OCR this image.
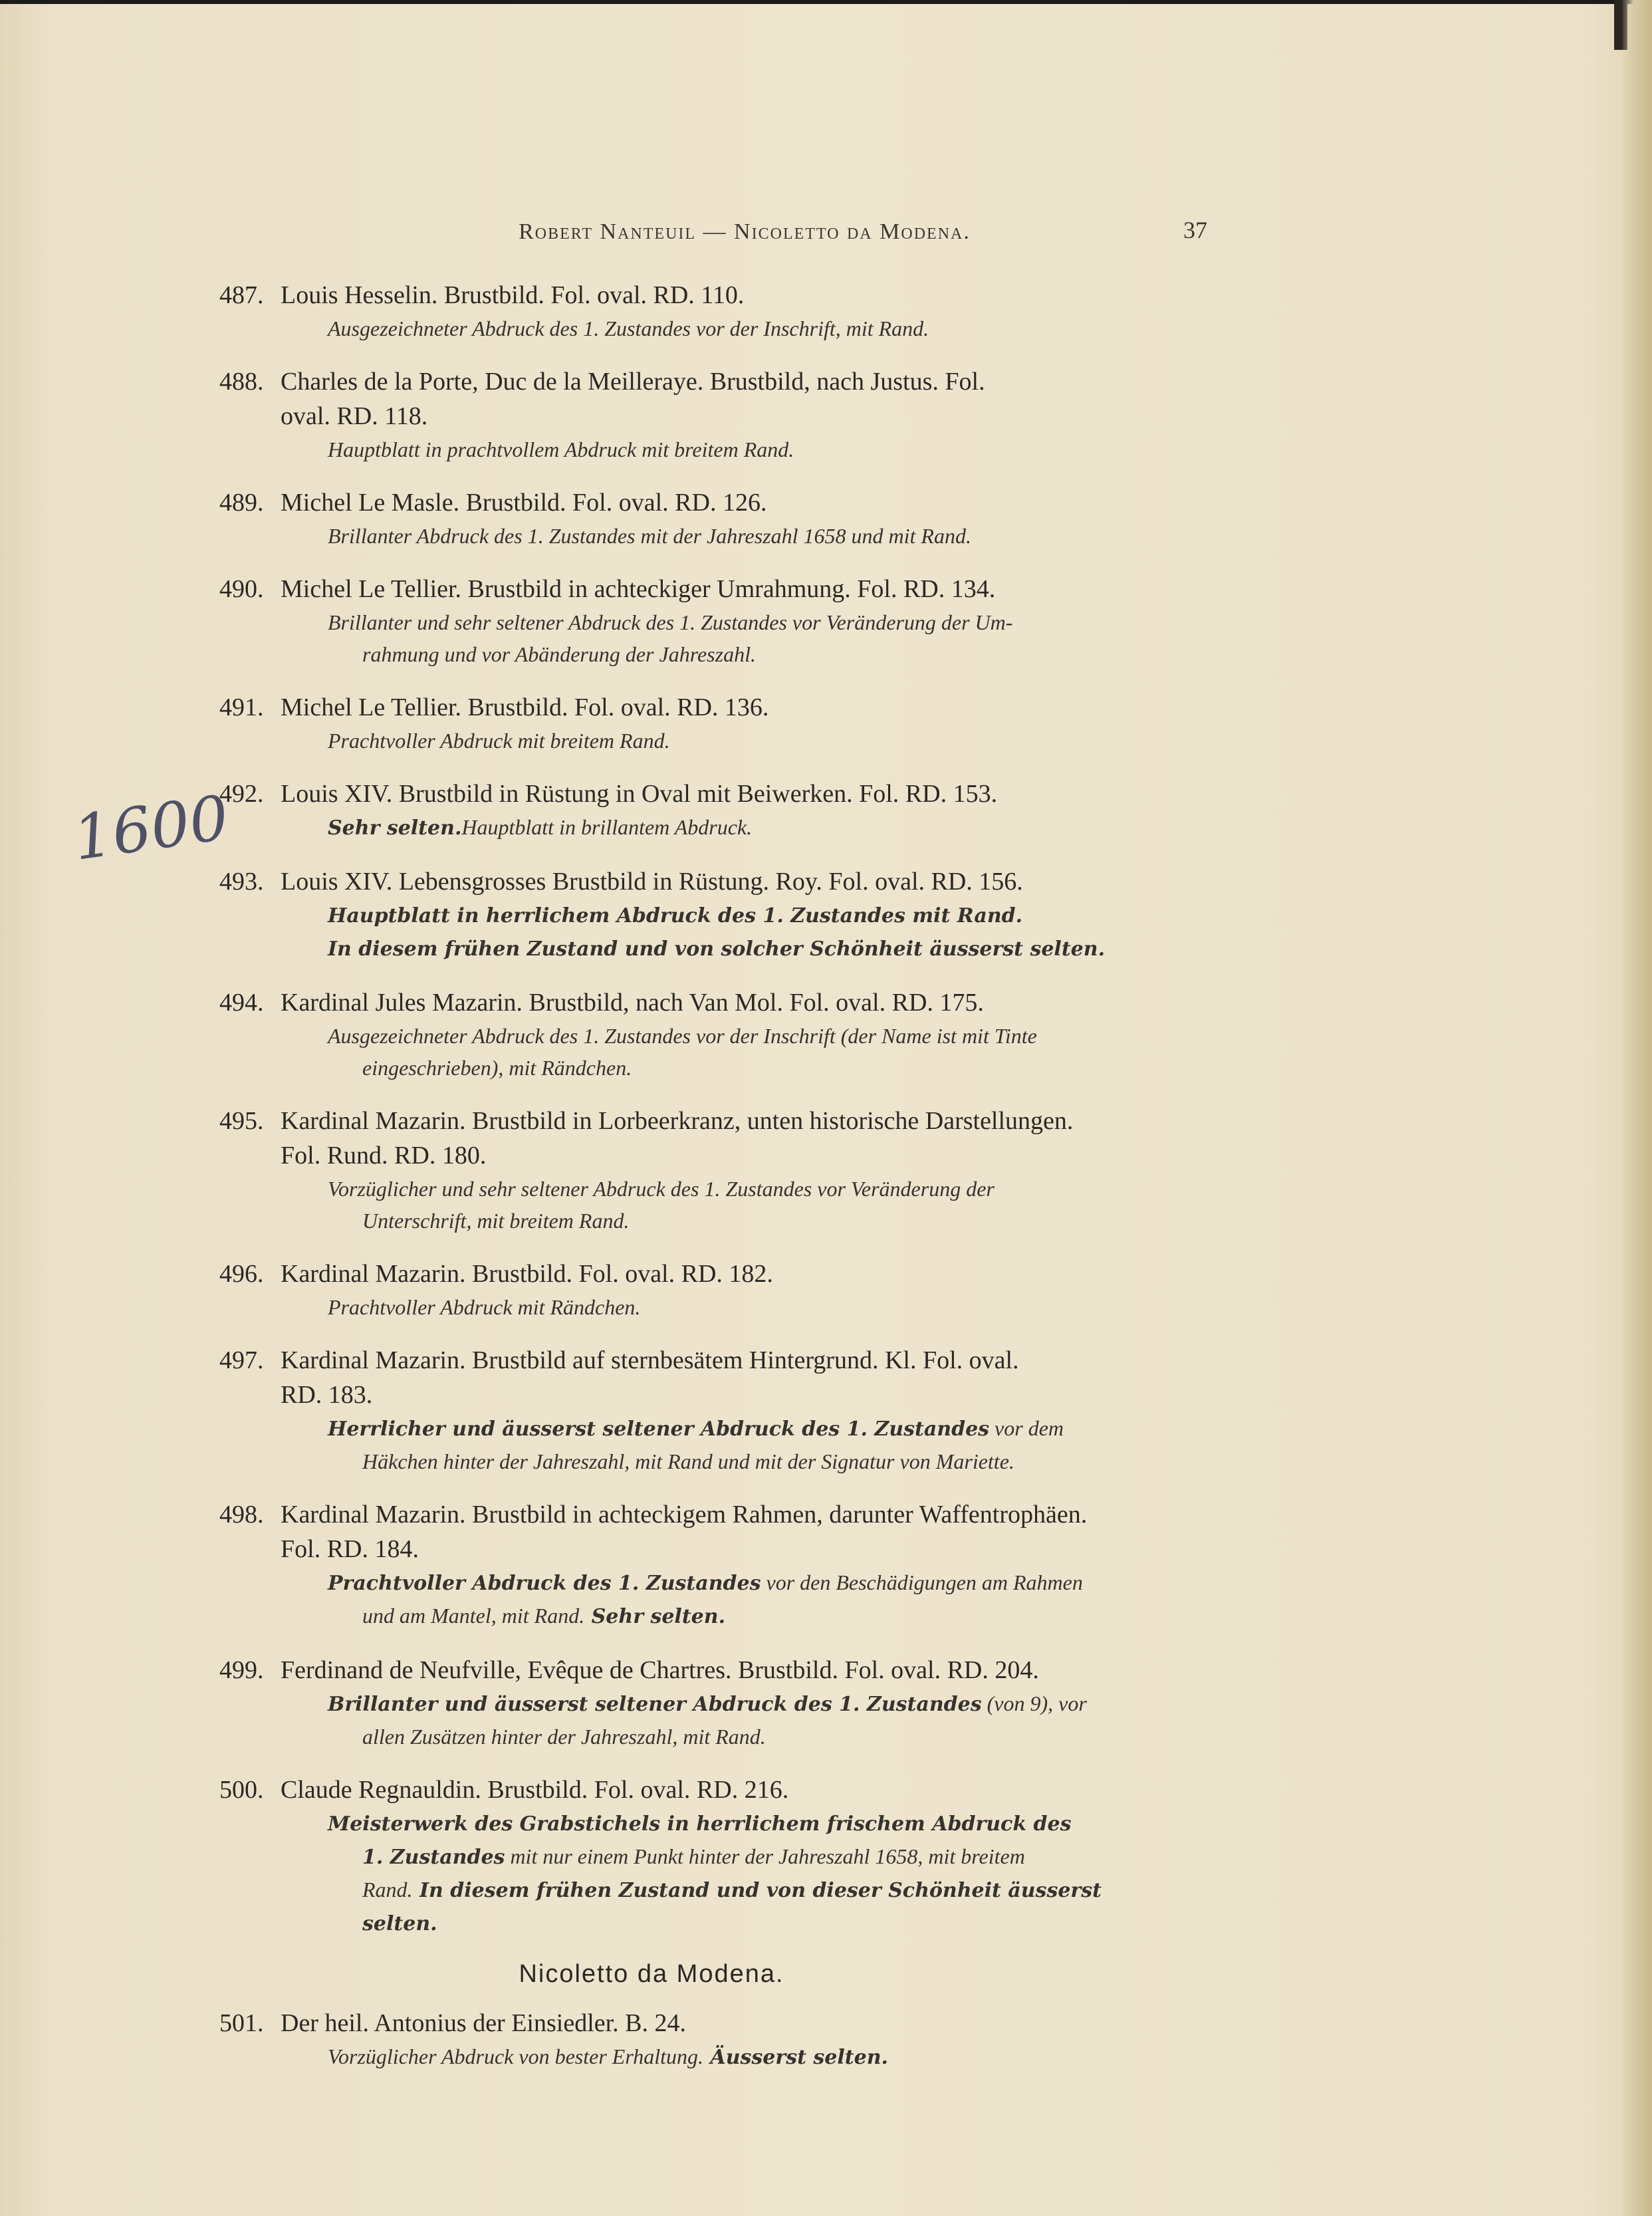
Robert Nanteuil — Nicoletto da Modena.	37
1600
487. Louis Hesselin. Brustbild. Fol. oval. RD. 110.
Ausgezeichneter Abdruck des 1. Zustandes vor der Inschrift, mit Rand.
488. Charles de la Porte, Duc de la Meilleraye. Brustbild, nach Justus. Fol.
oval. RD. 118.
Hauptblatt in prachtvollem Abdruck mit breitem Rand.
489. Michel Le Masle. Brustbild. Fol. oval. RD. 126.
Brillanter Abdruck des 1. Zustandes mit der Jahreszahl 1658 und mit Rand.
490. Michel Le Tellier. Brustbild in achteckiger Umrahmung. Fol. RD. 134.
Brillanter und sehr seltener Abdruck des 1. Zustandes vor Veränderung der Um-
rahmung und vor Abänderung der Jahreszahl.
491. Michel Le Tellier. Brustbild. Fol. oval. RD. 136.
Prachtvoller Abdruck mit breitem Rand.
492. Louis XIV. Brustbild in Rüstung in Oval mit Beiwerken. Fol. RD. 153.
Sehr selten.Hauptblatt in brillantem Abdruck.
493. Louis XIV. Lebensgrosses Brustbild in Rüstung. Roy. Fol. oval. RD. 156.
Hauptblatt in herrlichem Abdruck des 1. Zustandes mit Rand.
In diesem frühen Zustand und von solcher Schönheit äusserst selten.
494. Kardinal Jules Mazarin. Brustbild, nach Van Mol. Fol. oval. RD. 175.
Ausgezeichneter Abdruck des 1. Zustandes vor der Inschrift (der Name ist mit Tinte
eingeschrieben), mit Rändchen.
495. Kardinal Mazarin. Brustbild in Lorbeerkranz, unten historische Darstellungen.
Fol. Rund. RD. 180.
Vorzüglicher und sehr seltener Abdruck des 1. Zustandes vor Veränderung der
Unterschrift, mit breitem Rand.
496. Kardinal Mazarin. Brustbild. Fol. oval. RD. 182.
Prachtvoller Abdruck mit Rändchen.
497. Kardinal Mazarin. Brustbild auf sternbesätem Hintergrund. Kl. Fol. oval.
RD. 183.
Herrlicher und äusserst seltener Abdruck des 1. Zustandes vor dem
Häkchen hinter der Jahreszahl, mit Rand und mit der Signatur von Mariette.
498. Kardinal Mazarin. Brustbild in achteckigem Rahmen, darunter Waffentrophäen.
Fol. RD. 184.
Prachtvoller Abdruck des 1. Zustandes vor den Beschädigungen am Rahmen
und am Mantel, mit Rand. Sehr selten.
499. Ferdinand de Neufville, Evêque de Chartres. Brustbild. Fol. oval. RD. 204.
Brillanter und äusserst seltener Abdruck des 1. Zustandes (von 9), vor
allen Zusätzen hinter der Jahreszahl, mit Rand.
500. Claude Regnauldin. Brustbild. Fol. oval. RD. 216.
Meisterwerk des Grabstichels in herrlichem frischem Abdruck des
1. Zustandes mit nur einem Punkt hinter der Jahreszahl 1658, mit breitem
Rand. In diesem frühen Zustand und von dieser Schönheit äusserst
selten.
Nicoletto da Modena.
501. Der heil. Antonius der Einsiedler. B. 24.
Vorzüglicher Abdruck von bester Erhaltung. Äusserst selten.
